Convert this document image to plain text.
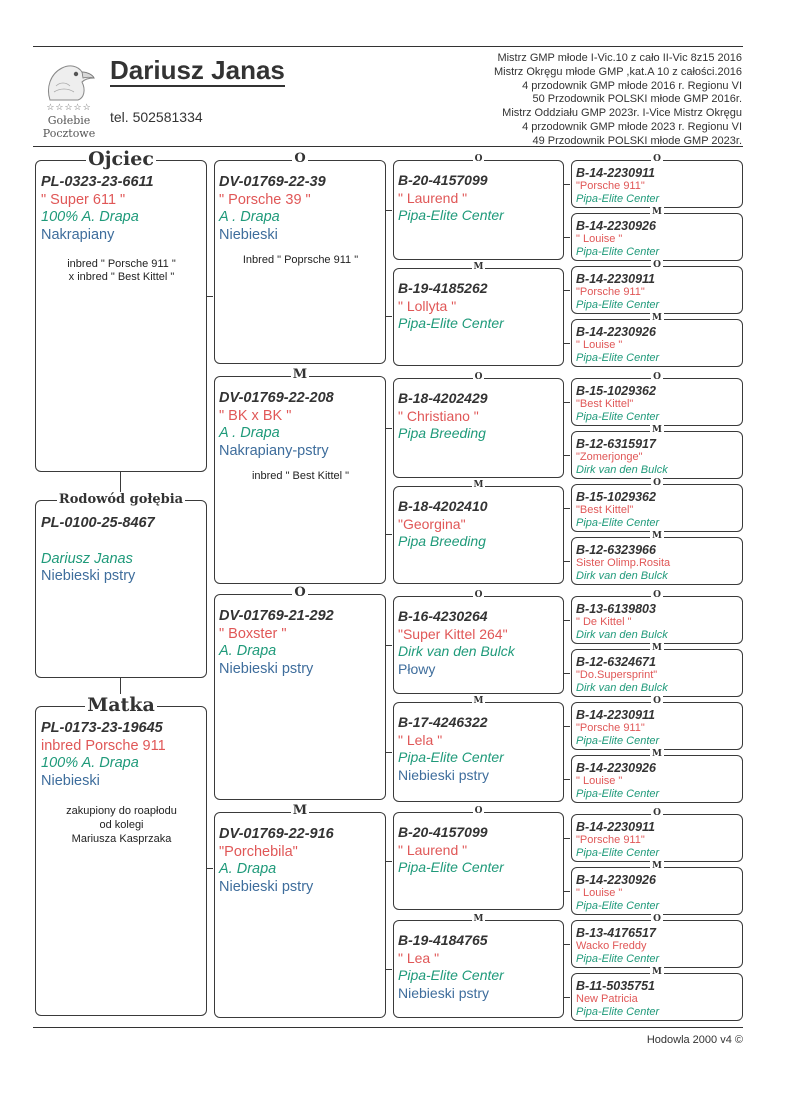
☆☆☆☆☆
Gołebie
Pocztowe
Dariusz Janas
tel. 502581334
Mistrz GMP młode I-Vic.10 z cało II-Vic 8z15 2016
Mistrz Okręgu młode GMP ,kat.A 10 z całości.2016
4 przodownik GMP młode 2016 r. Regionu VI
50 Przodownik POLSKI młode GMP 2016r.
Mistrz Oddziału GMP 2023r. I-Vice Mistrz Okręgu
4 przodownik GMP młode 2023 r. Regionu VI
49 Przodownik POLSKI młode GMP 2023r.
Ojciec
PL-0323-23-6611
" Super 611 "
100% A. Drapa
Nakrapiany
inbred " Porsche 911 "
x inbred " Best Kittel "
Rodowód gołębia
PL-0100-25-8467
Dariusz Janas
Niebieski pstry
Matka
PL-0173-23-19645
inbred Porsche 911
100% A. Drapa
Niebieski
zakupiony do roapłodu
od kolegi
Mariusza Kasprzaka
O
DV-01769-22-39
" Porsche 39 "
A . Drapa
Niebieski
Inbred " Poprsche 911 "
M
DV-01769-22-208
" BK x BK "
A . Drapa
Nakrapiany-pstry
inbred " Best Kittel "
O
DV-01769-21-292
" Boxster "
A. Drapa
Niebieski pstry
M
DV-01769-22-916
"Porchebila"
A. Drapa
Niebieski pstry
O
B-20-4157099
" Laurend "
Pipa-Elite Center
M
B-19-4185262
" Lollyta "
Pipa-Elite Center
O
B-18-4202429
" Christiano "
Pipa Breeding
M
B-18-4202410
"Georgina"
Pipa Breeding
O
B-16-4230264
"Super Kittel 264"
Dirk van den Bulck
Płowy
M
B-17-4246322
" Lela "
Pipa-Elite Center
Niebieski pstry
O
B-20-4157099
" Laurend "
Pipa-Elite Center
M
B-19-4184765
" Lea "
Pipa-Elite Center
Niebieski pstry
O
B-14-2230911
"Porsche 911"
Pipa-Elite Center
M
B-14-2230926
" Louise "
Pipa-Elite Center
O
B-14-2230911
"Porsche 911"
Pipa-Elite Center
M
B-14-2230926
" Louise "
Pipa-Elite Center
O
B-15-1029362
"Best Kittel"
Pipa-Elite Center
M
B-12-6315917
"Zomerjonge"
Dirk van den Bulck
O
B-15-1029362
"Best Kittel"
Pipa-Elite Center
M
B-12-6323966
Sister Olimp.Rosita
Dirk van den Bulck
O
B-13-6139803
" De Kittel "
Dirk van den Bulck
M
B-12-6324671
"Do.Supersprint"
Dirk van den Bulck
O
B-14-2230911
"Porsche 911"
Pipa-Elite Center
M
B-14-2230926
" Louise "
Pipa-Elite Center
O
B-14-2230911
"Porsche 911"
Pipa-Elite Center
M
B-14-2230926
" Louise "
Pipa-Elite Center
O
B-13-4176517
Wacko Freddy
Pipa-Elite Center
M
B-11-5035751
New Patricia
Pipa-Elite Center
Hodowla 2000 v4 ©
